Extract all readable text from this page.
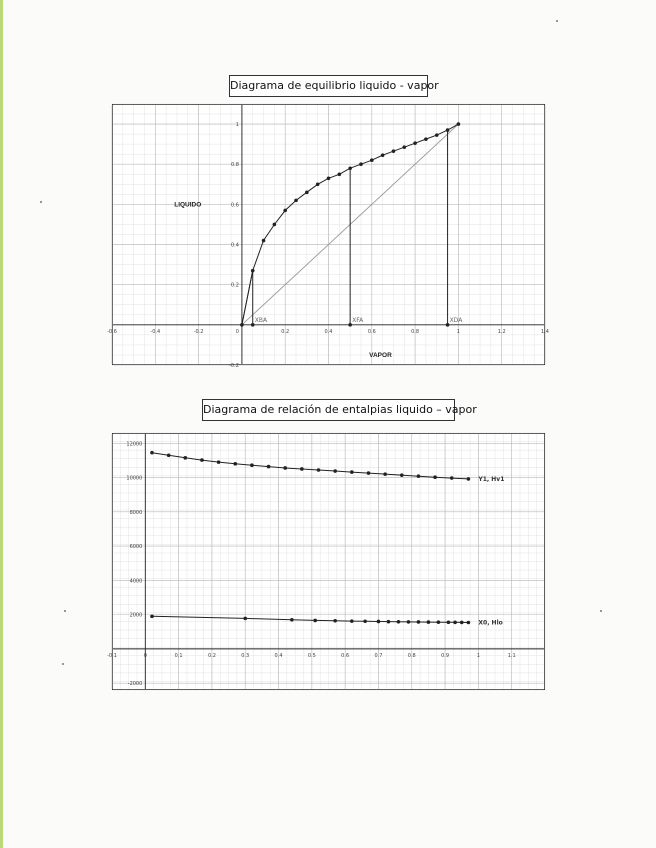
Diagrama de equilibrio liquido - vapor
-0.6	-0.4	-0.2	0.2	0.4	0.6	0.8	1	1.2	1.4
0
-0.2
0.2
0.4
0.6
0.8
1
LIQUIDO
VAPOR
XBA	XFA	XDA
Diagrama de relación de entalpias liquido – vapor
-0.1	0	0.1	0.2	0.3	0.4	0.5	0.6	0.7	0.8	0.9	1	1.1
-2000
2000
4000
6000
8000
10000
12000
Y1, Hv1
X0, Hlo
